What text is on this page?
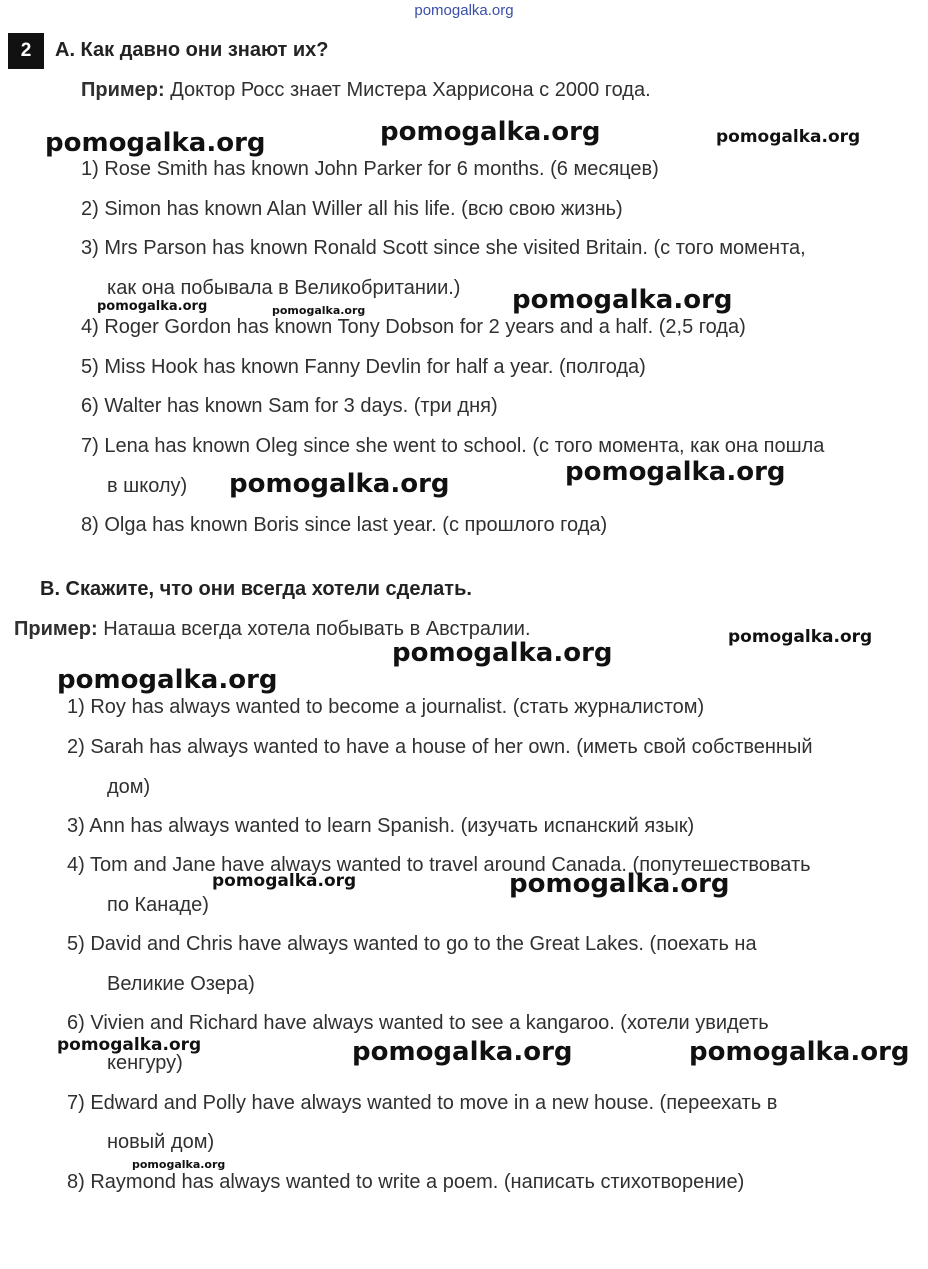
pomogalka.org
2	А. Как давно они знают их?
Пример: Доктор Росс знает Мистера Харрисона с 2000 года.
1) Rose Smith has known John Parker for 6 months. (6 месяцев)
2) Simon has known Alan Willer all his life. (всю свою жизнь)
3) Mrs Parson has known Ronald Scott since she visited Britain. (с того момента,
как она побывала в Великобритании.)
4) Roger Gordon has known Tony Dobson for 2 years and a half. (2,5 года)
5) Miss Hook has known Fanny Devlin for half a year. (полгода)
6) Walter has known Sam for 3 days. (три дня)
7) Lena has known Oleg since she went to school. (с того момента, как она пошла
в школу)
8) Olga has known Boris since last year. (с прошлого года)
B. Скажите, что они всегда хотели сделать.
Пример: Наташа всегда хотела побывать в Австралии.
1) Roy has always wanted to become a journalist. (стать журналистом)
2) Sarah has always wanted to have a house of her own. (иметь свой собственный
дом)
3) Ann has always wanted to learn Spanish. (изучать испанский язык)
4) Tom and Jane have always wanted to travel around Canada. (попутешествовать
по Канаде)
5) David and Chris have always wanted to go to the Great Lakes. (поехать на
Великие Озера)
6) Vivien and Richard have always wanted to see a kangaroo. (хотели увидеть
кенгуру)
7) Edward and Polly have always wanted to move in a new house. (переехать в
новый дом)
8) Raymond has always wanted to write a poem. (написать стихотворение)
pomogalka.org	pomogalka.org	pomogalka.org
pomogalka.org	pomogalka.org	pomogalka.org
pomogalka.org
pomogalka.org
pomogalka.org
pomogalka.org
pomogalka.org
pomogalka.org	pomogalka.org
pomogalka.org	pomogalka.org	pomogalka.org
pomogalka.org
